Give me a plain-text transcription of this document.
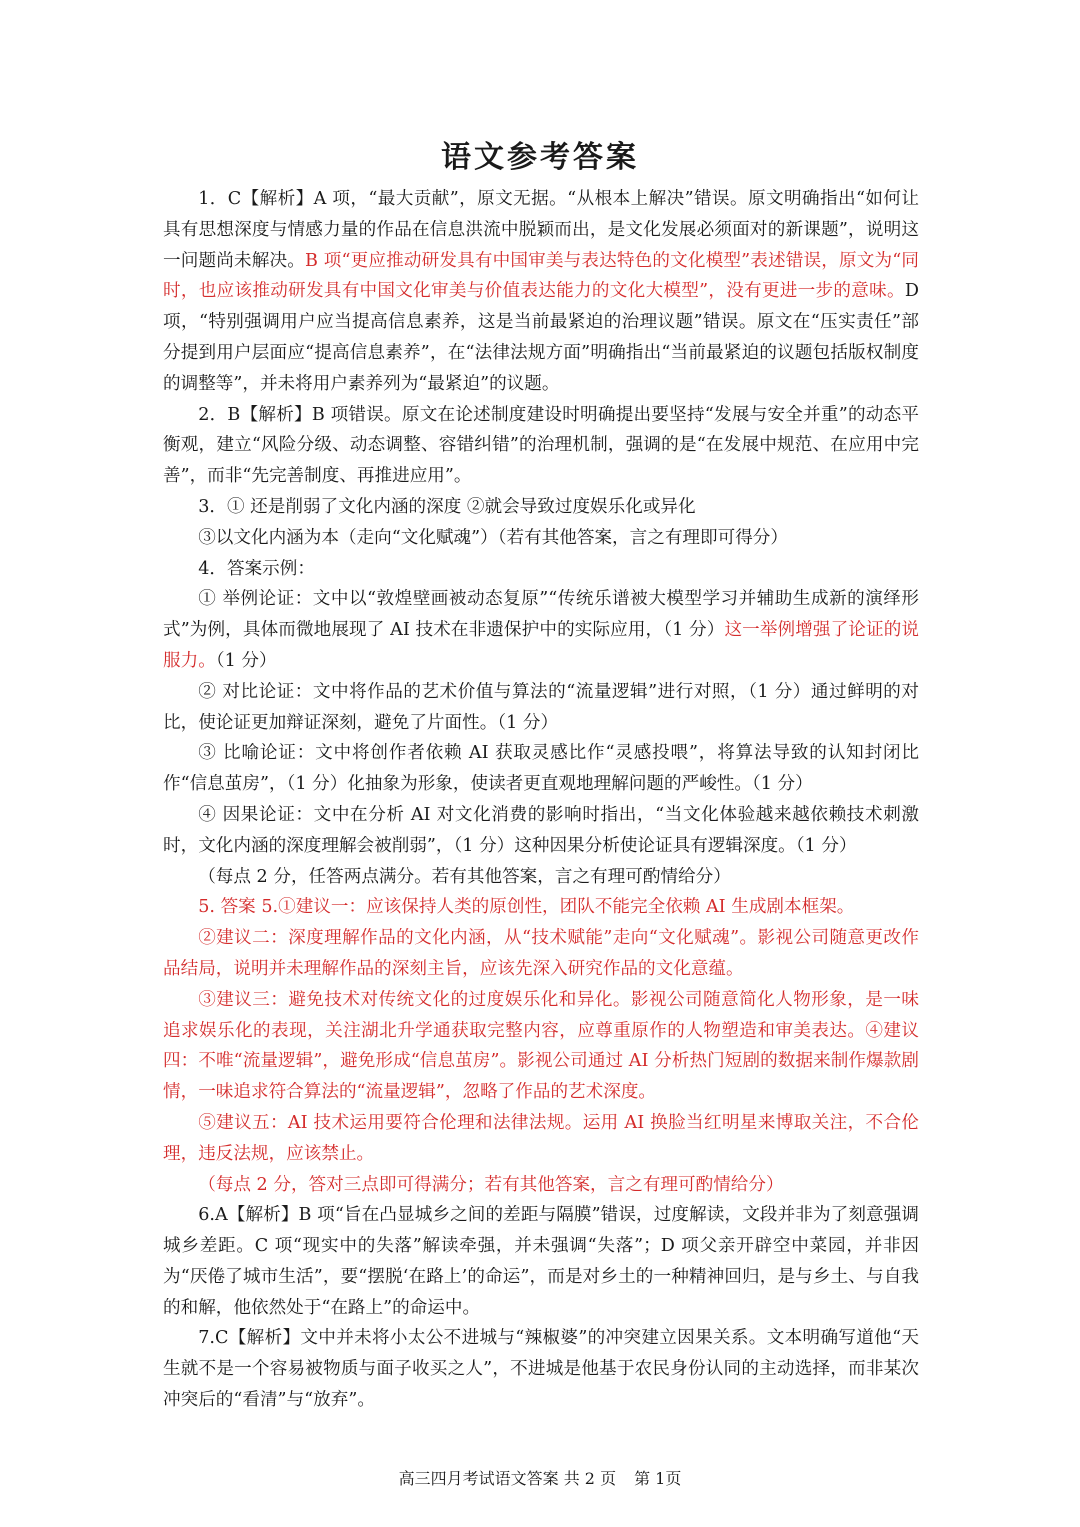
语文参考答案

1．C【解析】A 项，“最大贡献”，原文无据。“从根本上解决”错误。原文明确指出“如何让具有思想深度与情感力量的作品在信息洪流中脱颖而出，是文化发展必须面对的新课题”，说明这一问题尚未解决。B 项“更应推动研发具有中国审美与表达特色的文化模型”表述错误，原文为“同时，也应该推动研发具有中国文化审美与价值表达能力的文化大模型”，没有更进一步的意味。D 项，“特别强调用户应当提高信息素养，这是当前最紧迫的治理议题”错误。原文在“压实责任”部分提到用户层面应“提高信息素养”，在“法律法规方面”明确指出“当前最紧迫的议题包括版权制度的调整等”，并未将用户素养列为“最紧迫”的议题。

2．B【解析】B 项错误。原文在论述制度建设时明确提出要坚持“发展与安全并重”的动态平衡观，建立“风险分级、动态调整、容错纠错”的治理机制，强调的是“在发展中规范、在应用中完善”，而非“先完善制度、再推进应用”。

3．① 还是削弱了文化内涵的深度 ②就会导致过度娱乐化或异化

③以文化内涵为本（走向“文化赋魂”）（若有其他答案，言之有理即可得分）

4．答案示例：

① 举例论证：文中以“敦煌壁画被动态复原”“传统乐谱被大模型学习并辅助生成新的演绎形式”为例，具体而微地展现了 AI 技术在非遗保护中的实际应用，（1 分）这一举例增强了论证的说服力。（1 分）

② 对比论证：文中将作品的艺术价值与算法的“流量逻辑”进行对照，（1 分）通过鲜明的对比，使论证更加辩证深刻，避免了片面性。（1 分）

③ 比喻论证：文中将创作者依赖 AI 获取灵感比作“灵感投喂”，将算法导致的认知封闭比作“信息茧房”，（1 分）化抽象为形象，使读者更直观地理解问题的严峻性。（1 分）

④ 因果论证：文中在分析 AI 对文化消费的影响时指出，“当文化体验越来越依赖技术刺激时，文化内涵的深度理解会被削弱”，（1 分）这种因果分析使论证具有逻辑深度。（1 分）

（每点 2 分，任答两点满分。若有其他答案，言之有理可酌情给分）

5. 答案 5.①建议一：应该保持人类的原创性，团队不能完全依赖 AI 生成剧本框架。

②建议二：深度理解作品的文化内涵，从“技术赋能”走向“文化赋魂”。影视公司随意更改作品结局，说明并未理解作品的深刻主旨，应该先深入研究作品的文化意蕴。

③建议三：避免技术对传统文化的过度娱乐化和异化。影视公司随意简化人物形象，是一味追求娱乐化的表现，关注湖北升学通获取完整内容，应尊重原作的人物塑造和审美表达。④建议四：不唯“流量逻辑”，避免形成“信息茧房”。影视公司通过 AI 分析热门短剧的数据来制作爆款剧情，一味追求符合算法的“流量逻辑”，忽略了作品的艺术深度。

⑤建议五：AI 技术运用要符合伦理和法律法规。运用 AI 换脸当红明星来博取关注，不合伦理，违反法规，应该禁止。

（每点 2 分，答对三点即可得满分；若有其他答案，言之有理可酌情给分）

6.A【解析】B 项“旨在凸显城乡之间的差距与隔膜”错误，过度解读，文段并非为了刻意强调城乡差距。C 项“现实中的失落”解读牵强，并未强调“失落”；D 项父亲开辟空中菜园，并非因为“厌倦了城市生活”，要“摆脱‘在路上’的命运”，而是对乡土的一种精神回归，是与乡土、与自我的和解，他依然处于“在路上”的命运中。

7.C【解析】文中并未将小太公不进城与“辣椒婆”的冲突建立因果关系。文本明确写道他“天生就不是一个容易被物质与面子收买之人”，不进城是他基于农民身份认同的主动选择，而非某次冲突后的“看清”与“放弃”。

高三四月考试语文答案 共 2 页 第 1页
